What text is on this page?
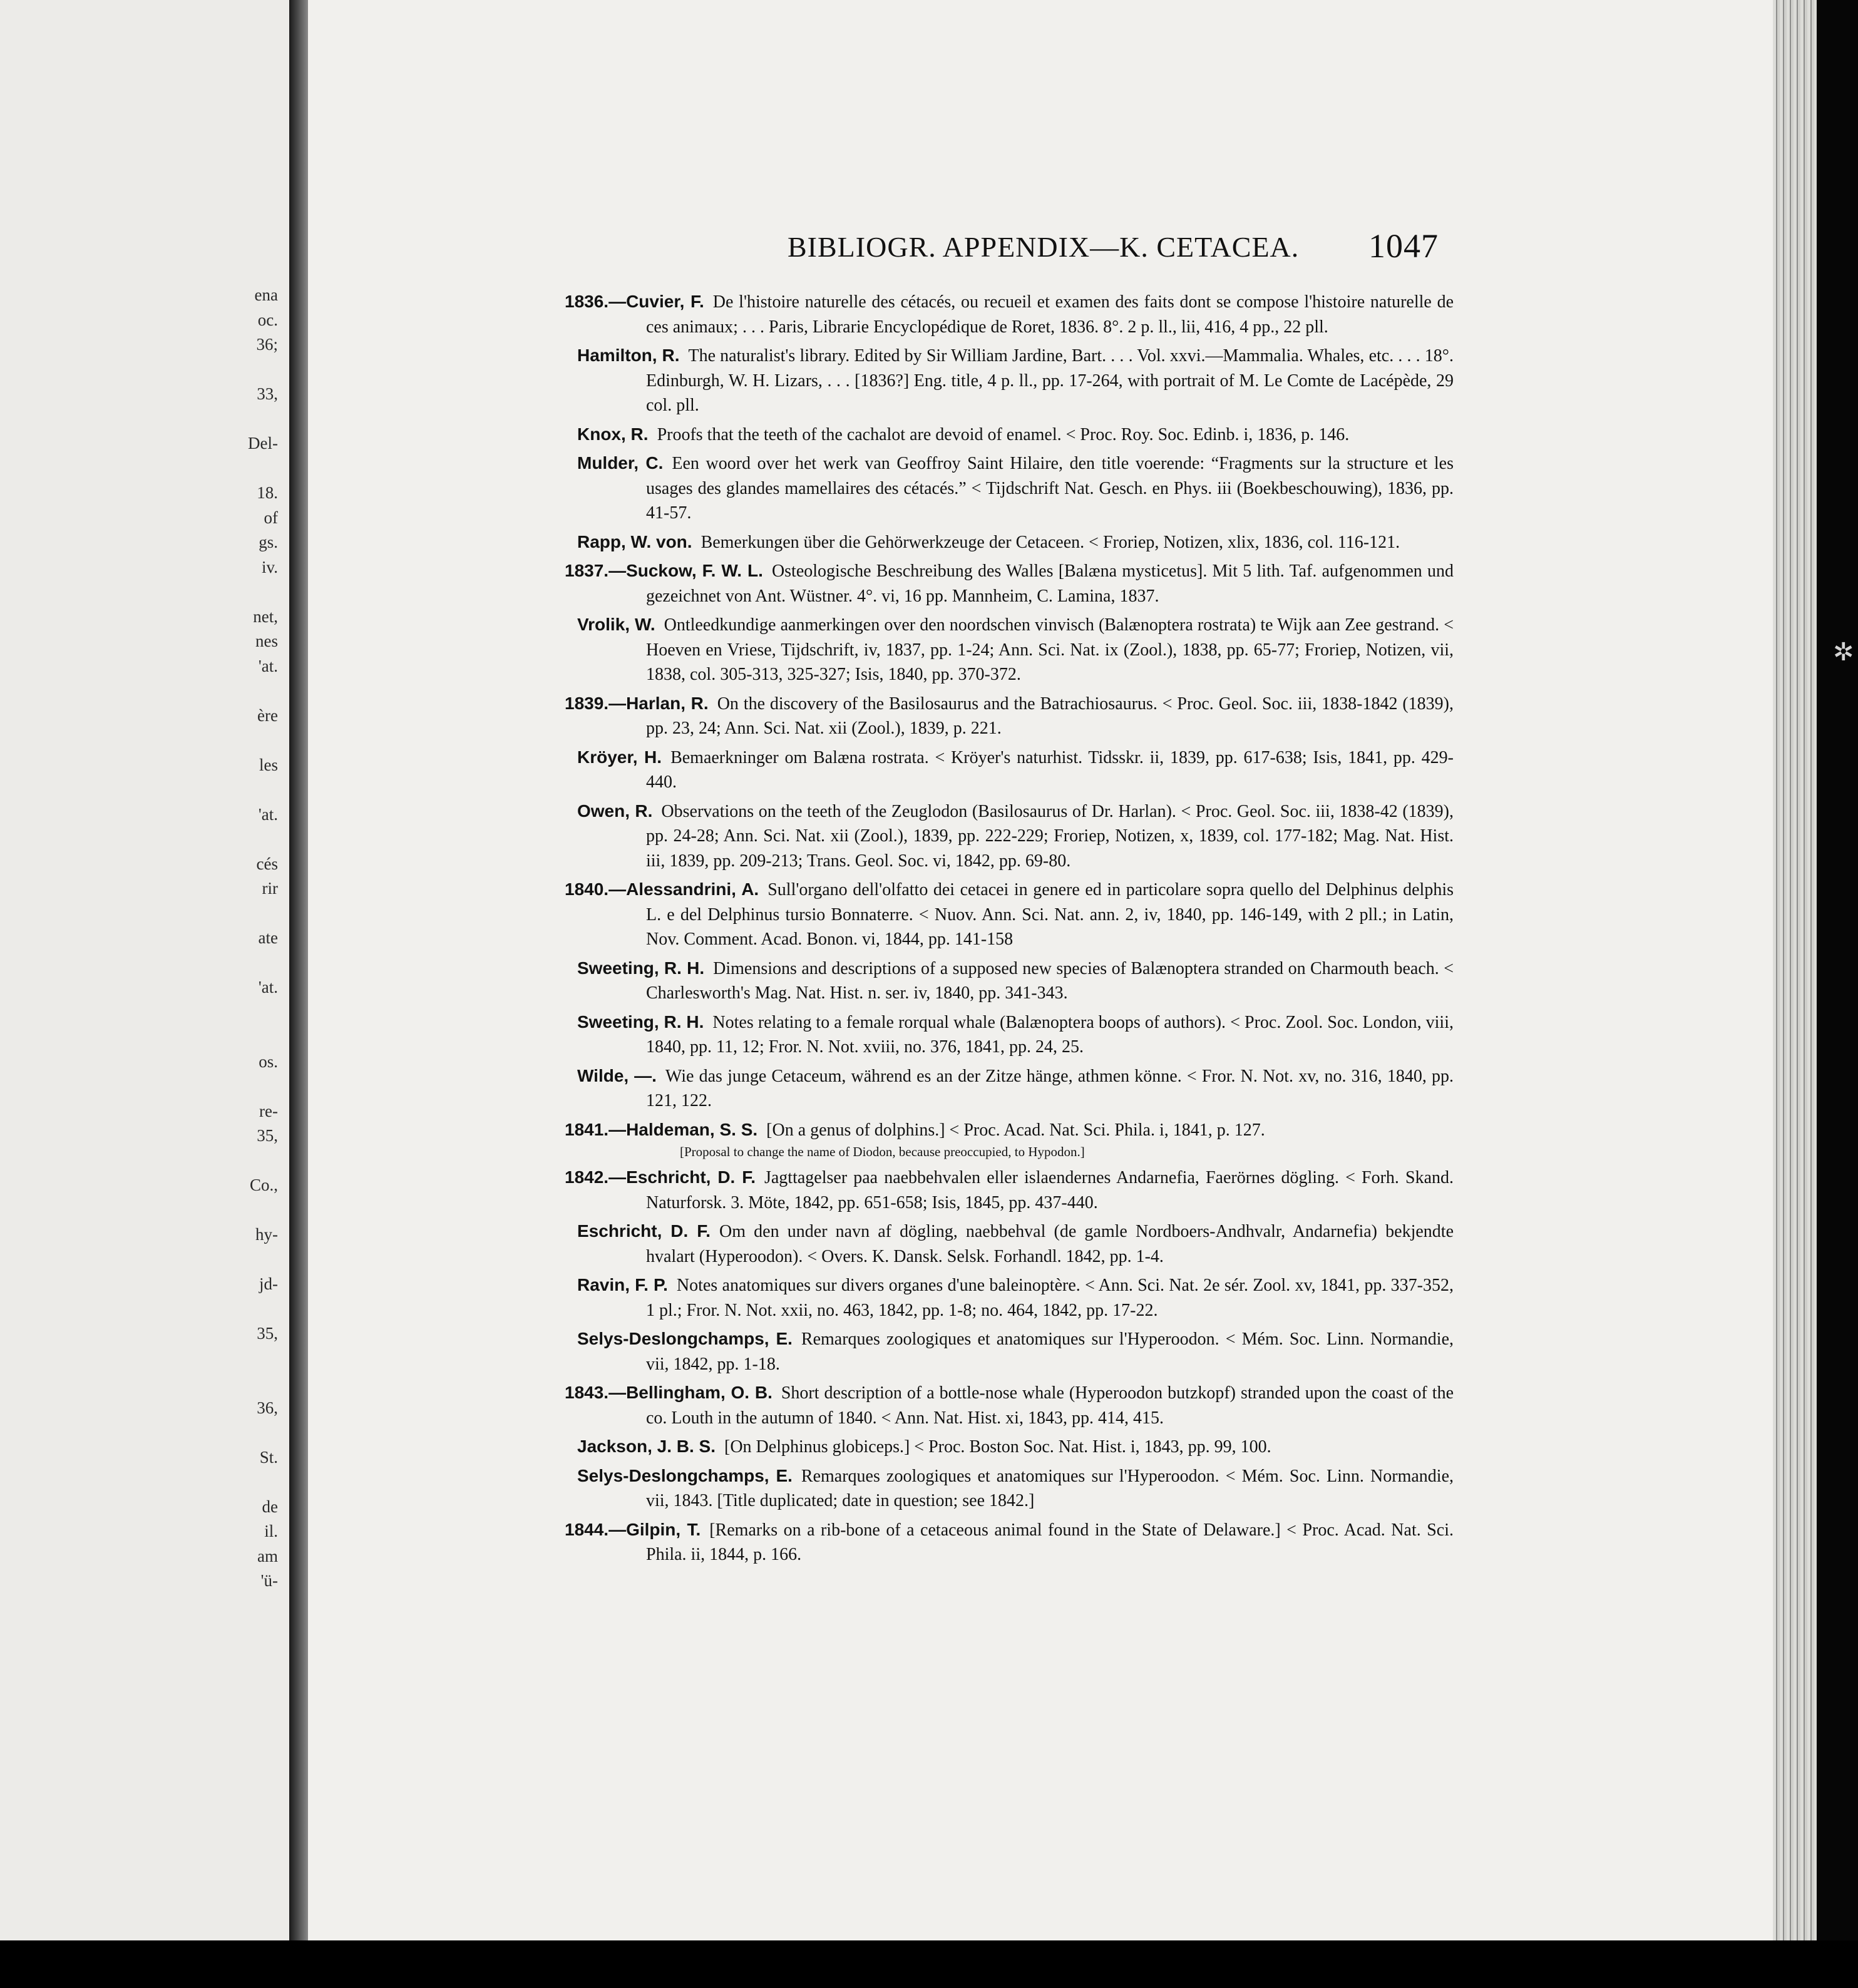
ena
oc.
36;
33,
Del-
18.
of
gs.
iv.
net,
nes
'at.
ère
les
'at.
cés
rir
ate
'at.
os.
re-
35,
Co.,
hy-
jd-
35,
36,
St.
de
il.
am
'ü-
✲
BIBLIOGR. APPENDIX—K. CETACEA. 1047

1836.—Cuvier, F. De l'histoire naturelle des cétacés, ou recueil et examen des faits dont se compose l'histoire naturelle de ces animaux; . . . Paris, Librarie Encyclopédique de Roret, 1836. 8°. 2 p. ll., lii, 416, 4 pp., 22 pll.

Hamilton, R. The naturalist's library. Edited by Sir William Jardine, Bart. . . . Vol. xxvi.—Mammalia. Whales, etc. . . . 18°. Edinburgh, W. H. Lizars, . . . [1836?] Eng. title, 4 p. ll., pp. 17-264, with portrait of M. Le Comte de Lacépède, 29 col. pll.

Knox, R. Proofs that the teeth of the cachalot are devoid of enamel. < Proc. Roy. Soc. Edinb. i, 1836, p. 146.

Mulder, C. Een woord over het werk van Geoffroy Saint Hilaire, den title voerende: “Fragments sur la structure et les usages des glandes mamellaires des cétacés.” < Tijdschrift Nat. Gesch. en Phys. iii (Boekbeschouwing), 1836, pp. 41-57.

Rapp, W. von. Bemerkungen über die Gehörwerkzeuge der Cetaceen. < Froriep, Notizen, xlix, 1836, col. 116-121.

1837.—Suckow, F. W. L. Osteologische Beschreibung des Walles [Balæna mysticetus]. Mit 5 lith. Taf. aufgenommen und gezeichnet von Ant. Wüstner. 4°. vi, 16 pp. Mannheim, C. Lamina, 1837.

Vrolik, W. Ontleedkundige aanmerkingen over den noordschen vinvisch (Balænoptera rostrata) te Wijk aan Zee gestrand. < Hoeven en Vriese, Tijdschrift, iv, 1837, pp. 1-24; Ann. Sci. Nat. ix (Zool.), 1838, pp. 65-77; Froriep, Notizen, vii, 1838, col. 305-313, 325-327; Isis, 1840, pp. 370-372.

1839.—Harlan, R. On the discovery of the Basilosaurus and the Batrachiosaurus. < Proc. Geol. Soc. iii, 1838-1842 (1839), pp. 23, 24; Ann. Sci. Nat. xii (Zool.), 1839, p. 221.

Kröyer, H. Bemaerkninger om Balæna rostrata. < Kröyer's naturhist. Tidsskr. ii, 1839, pp. 617-638; Isis, 1841, pp. 429-440.

Owen, R. Observations on the teeth of the Zeuglodon (Basilosaurus of Dr. Harlan). < Proc. Geol. Soc. iii, 1838-42 (1839), pp. 24-28; Ann. Sci. Nat. xii (Zool.), 1839, pp. 222-229; Froriep, Notizen, x, 1839, col. 177-182; Mag. Nat. Hist. iii, 1839, pp. 209-213; Trans. Geol. Soc. vi, 1842, pp. 69-80.

1840.—Alessandrini, A. Sull'organo dell'olfatto dei cetacei in genere ed in particolare sopra quello del Delphinus delphis L. e del Delphinus tursio Bonnaterre. < Nuov. Ann. Sci. Nat. ann. 2, iv, 1840, pp. 146-149, with 2 pll.; in Latin, Nov. Comment. Acad. Bonon. vi, 1844, pp. 141-158

Sweeting, R. H. Dimensions and descriptions of a supposed new species of Balænoptera stranded on Charmouth beach. < Charlesworth's Mag. Nat. Hist. n. ser. iv, 1840, pp. 341-343.

Sweeting, R. H. Notes relating to a female rorqual whale (Balænoptera boops of authors). < Proc. Zool. Soc. London, viii, 1840, pp. 11, 12; Fror. N. Not. xviii, no. 376, 1841, pp. 24, 25.

Wilde, —. Wie das junge Cetaceum, während es an der Zitze hänge, athmen könne. < Fror. N. Not. xv, no. 316, 1840, pp. 121, 122.

1841.—Haldeman, S. S. [On a genus of dolphins.] < Proc. Acad. Nat. Sci. Phila. i, 1841, p. 127.
[Proposal to change the name of Diodon, because preoccupied, to Hypodon.]

1842.—Eschricht, D. F. Jagttagelser paa naebbehvalen eller islaendernes Andarnefia, Faerörnes dögling. < Forh. Skand. Naturforsk. 3. Möte, 1842, pp. 651-658; Isis, 1845, pp. 437-440.

Eschricht, D. F. Om den under navn af dögling, naebbehval (de gamle Nordboers-Andhvalr, Andarnefia) bekjendte hvalart (Hyperoodon). < Overs. K. Dansk. Selsk. Forhandl. 1842, pp. 1-4.

Ravin, F. P. Notes anatomiques sur divers organes d'une baleinoptère. < Ann. Sci. Nat. 2e sér. Zool. xv, 1841, pp. 337-352, 1 pl.; Fror. N. Not. xxii, no. 463, 1842, pp. 1-8; no. 464, 1842, pp. 17-22.

Selys-Deslongchamps, E. Remarques zoologiques et anatomiques sur l'Hyperoodon. < Mém. Soc. Linn. Normandie, vii, 1842, pp. 1-18.

1843.—Bellingham, O. B. Short description of a bottle-nose whale (Hyperoodon butzkopf) stranded upon the coast of the co. Louth in the autumn of 1840. < Ann. Nat. Hist. xi, 1843, pp. 414, 415.

Jackson, J. B. S. [On Delphinus globiceps.] < Proc. Boston Soc. Nat. Hist. i, 1843, pp. 99, 100.

Selys-Deslongchamps, E. Remarques zoologiques et anatomiques sur l'Hyperoodon. < Mém. Soc. Linn. Normandie, vii, 1843. [Title duplicated; date in question; see 1842.]

1844.—Gilpin, T. [Remarks on a rib-bone of a cetaceous animal found in the State of Delaware.] < Proc. Acad. Nat. Sci. Phila. ii, 1844, p. 166.
